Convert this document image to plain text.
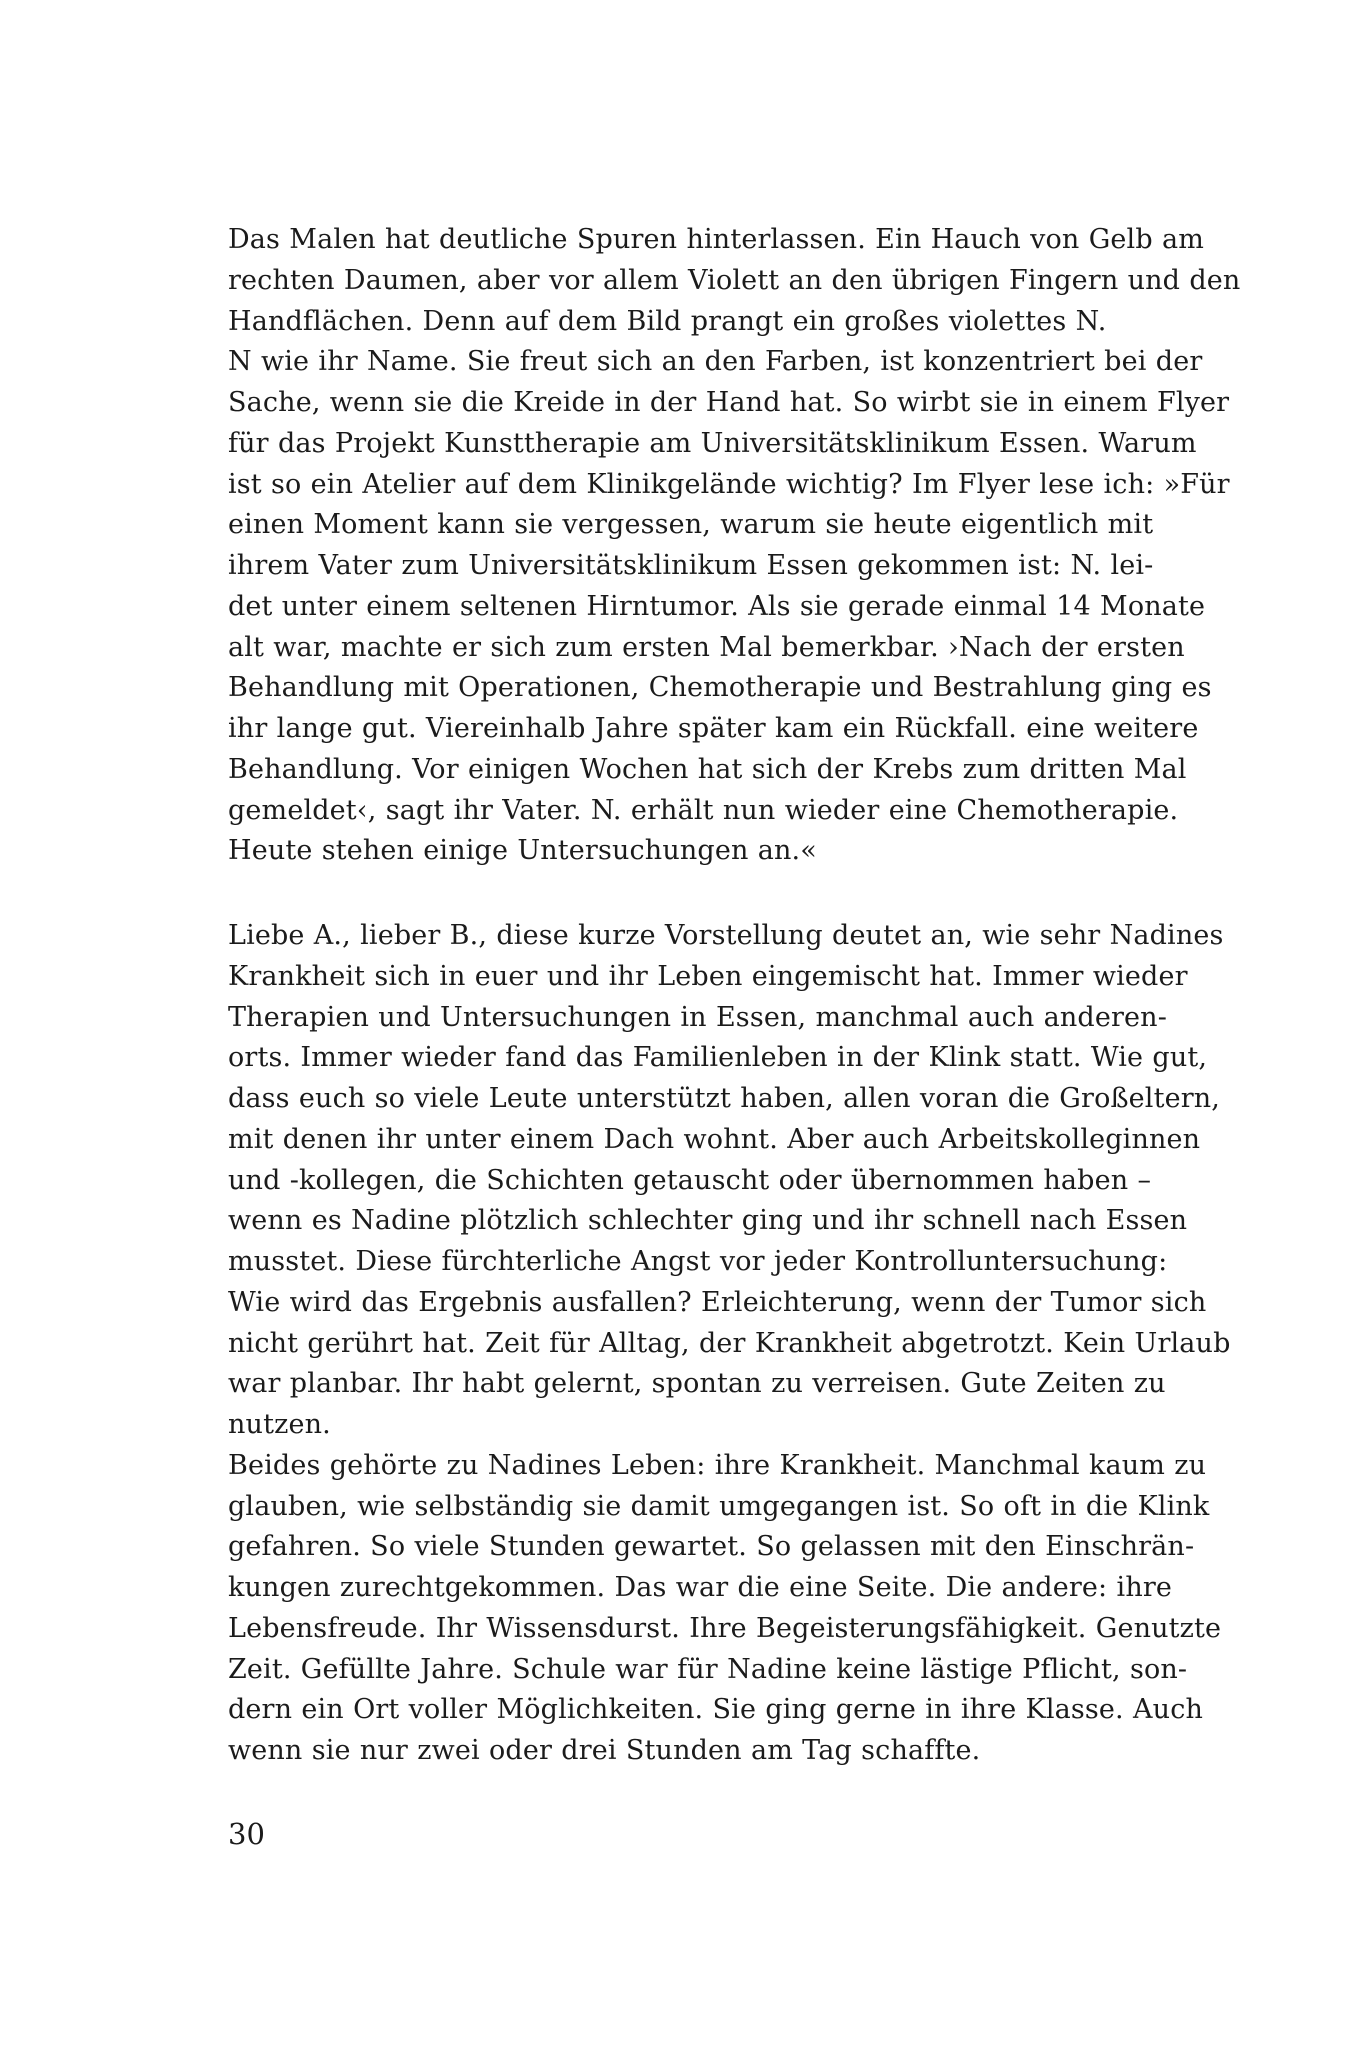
Das Malen hat deutliche Spuren hinterlassen. Ein Hauch von Gelb am
rechten Daumen, aber vor allem Violett an den übrigen Fingern und den
Handflächen. Denn auf dem Bild prangt ein großes violettes N.
N wie ihr Name. Sie freut sich an den Farben, ist konzentriert bei der
Sache, wenn sie die Kreide in der Hand hat. So wirbt sie in einem Flyer
für das Projekt Kunsttherapie am Universitätsklinikum Essen. Warum
ist so ein Atelier auf dem Klinikgelände wichtig? Im Flyer lese ich: »Für
einen Moment kann sie vergessen, warum sie heute eigentlich mit
ihrem Vater zum Universitätsklinikum Essen gekommen ist: N. lei-
det unter einem seltenen Hirntumor. Als sie gerade einmal 14 Monate
alt war, machte er sich zum ersten Mal bemerkbar. ›Nach der ersten
Behandlung mit Operationen, Chemotherapie und Bestrahlung ging es
ihr lange gut. Viereinhalb Jahre später kam ein Rückfall. eine weitere
Behandlung. Vor einigen Wochen hat sich der Krebs zum dritten Mal
gemeldet‹, sagt ihr Vater. N. erhält nun wieder eine Chemotherapie.
Heute stehen einige Untersuchungen an.«
Liebe A., lieber B., diese kurze Vorstellung deutet an, wie sehr Nadines
Krankheit sich in euer und ihr Leben eingemischt hat. Immer wieder
Therapien und Untersuchungen in Essen, manchmal auch anderen-
orts. Immer wieder fand das Familienleben in der Klink statt. Wie gut,
dass euch so viele Leute unterstützt haben, allen voran die Großeltern,
mit denen ihr unter einem Dach wohnt. Aber auch Arbeitskolleginnen
und -kollegen, die Schichten getauscht oder übernommen haben –
wenn es Nadine plötzlich schlechter ging und ihr schnell nach Essen
musstet. Diese fürchterliche Angst vor jeder Kontrolluntersuchung:
Wie wird das Ergebnis ausfallen? Erleichterung, wenn der Tumor sich
nicht gerührt hat. Zeit für Alltag, der Krankheit abgetrotzt. Kein Urlaub
war planbar. Ihr habt gelernt, spontan zu verreisen. Gute Zeiten zu
nutzen.
Beides gehörte zu Nadines Leben: ihre Krankheit. Manchmal kaum zu
glauben, wie selbständig sie damit umgegangen ist. So oft in die Klink
gefahren. So viele Stunden gewartet. So gelassen mit den Einschrän-
kungen zurechtgekommen. Das war die eine Seite. Die andere: ihre
Lebensfreude. Ihr Wissensdurst. Ihre Begeisterungsfähigkeit. Genutzte
Zeit. Gefüllte Jahre. Schule war für Nadine keine lästige Pflicht, son-
dern ein Ort voller Möglichkeiten. Sie ging gerne in ihre Klasse. Auch
wenn sie nur zwei oder drei Stunden am Tag schaffte.
30
